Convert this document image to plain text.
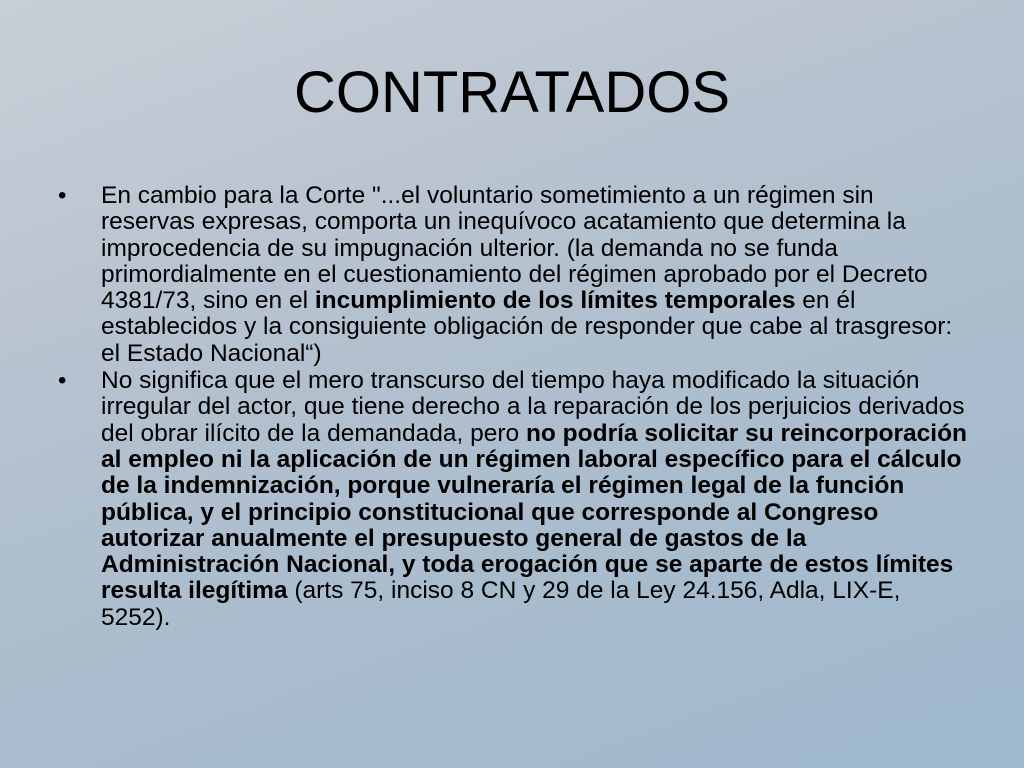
CONTRATADOS
• En cambio para la Corte "...el voluntario sometimiento a un régimen sin reservas expresas, comporta un inequívoco acatamiento que determina la improcedencia de su impugnación ulterior. (la demanda no se funda primordialmente en el cuestionamiento del régimen aprobado por el Decreto 4381/73, sino en el incumplimiento de los límites temporales en él establecidos y la consiguiente obligación de responder que cabe al trasgresor: el Estado Nacional“)
• No significa que el mero transcurso del tiempo haya modificado la situación irregular del actor, que tiene derecho a la reparación de los perjuicios derivados del obrar ilícito de la demandada, pero no podría solicitar su reincorporación al empleo ni la aplicación de un régimen laboral específico para el cálculo de la indemnización, porque vulneraría el régimen legal de la función pública, y el principio constitucional que corresponde al Congreso autorizar anualmente el presupuesto general de gastos de la Administración Nacional, y toda erogación que se aparte de estos límites resulta ilegítima (arts 75, inciso 8 CN y 29 de la Ley 24.156, Adla, LIX-E, 5252).
